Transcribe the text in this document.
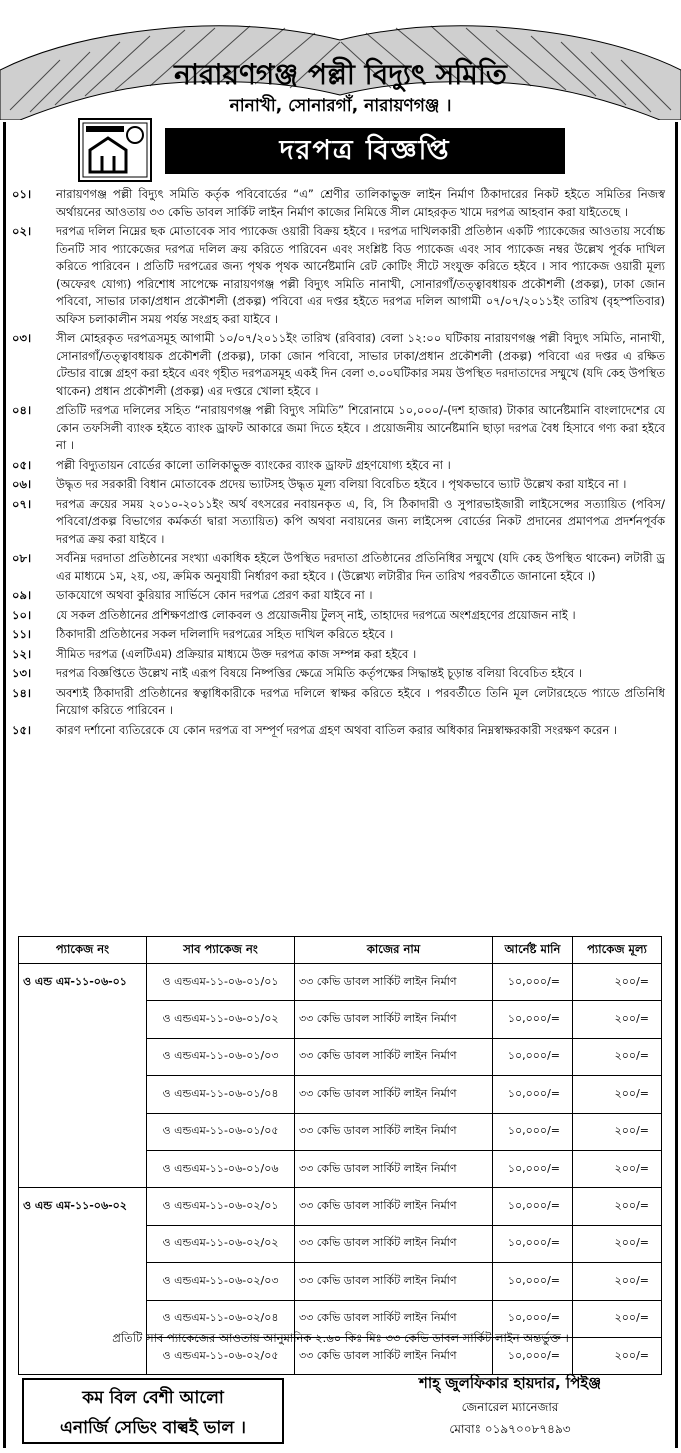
নারায়ণগঞ্জ পল্লী বিদ্যুৎ সমিতি
নানাখী, সোনারগাঁ, নারায়ণগঞ্জ ।
দরপত্র বিজ্ঞপ্তি
০১।	নারায়ণগঞ্জ পল্লী বিদ্যুৎ সমিতি কর্তৃক পবিবোর্ডের “এ” শ্রেণীর তালিকাভুক্ত লাইন নির্মাণ ঠিকাদারের নিকট হইতে সমিতির নিজস্ব অর্থায়নের আওতায় ৩৩ কেভি ডাবল সার্কিট লাইন নির্মাণ কাজের নিমিত্তে সীল মোহরকৃত খামে দরপত্র আহবান করা যাইতেছে ।
০২।	দরপত্র দলিল নিম্নের ছক মোতাবেক সাব প্যাকেজ ওয়ারী বিক্রয় হইবে । দরপত্র দাখিলকারী প্রতিষ্ঠান একটি প্যাকেজের আওতায় সর্বোচ্চ তিনটি সাব প্যাকেজের দরপত্র দলিল ক্রয় করিতে পারিবেন এবং সংশ্লিষ্ট বিড প্যাকেজ এবং সাব প্যাকেজ নম্বর উল্লেখ পূর্বক দাখিল করিতে পারিবেন । প্রতিটি দরপত্রের জন্য পৃথক পৃথক আর্নেষ্টমানি রেট কোটিং সীটে সংযুক্ত করিতে হইবে । সাব প্যাকেজ ওয়ারী মূল্য (অফেরৎ যোগ্য) পরিশোধ সাপেক্ষে নারায়ণগঞ্জ পল্লী বিদ্যুৎ সমিতি নানাখী, সোনারগাঁ/তত্ত্বাবধায়ক প্রকৌশলী (প্রকল্প), ঢাকা জোন পবিবো, সাভার ঢাকা/প্রধান প্রকৌশলী (প্রকল্প) পবিবো এর দপ্তর হইতে দরপত্র দলিল আগামী ০৭/০৭/২০১১ইং তারিখ (বৃহস্পতিবার) অফিস চলাকালীন সময় পর্যন্ত সংগ্রহ করা যাইবে ।
০৩।	সীল মোহরকৃত দরপত্রসমূহ আগামী ১০/০৭/২০১১ইং তারিখ (রবিবার) বেলা ১২:০০ ঘটিকায় নারায়ণগঞ্জ পল্লী বিদ্যুৎ সমিতি, নানাখী, সোনারগাঁ/তত্ত্বাবধায়ক প্রকৌশলী (প্রকল্প), ঢাকা জোন পবিবো, সাভার ঢাকা/প্রধান প্রকৌশলী (প্রকল্প) পবিবো এর দপ্তর এ রক্ষিত টেন্ডার বাক্সে গ্রহণ করা হইবে এবং গৃহীত দরপত্রসমূহ একই দিন বেলা ৩.০০ঘটিকার সময় উপস্থিত দরদাতাদের সম্মুখে (যদি কেহ উপস্থিত থাকেন) প্রধান প্রকৌশলী (প্রকল্প) এর দপ্তরে খোলা হইবে ।
০৪।	প্রতিটি দরপত্র দলিলের সহিত “নারায়ণগঞ্জ পল্লী বিদ্যুৎ সমিতি” শিরোনামে ১০,০০০/-(দশ হাজার) টাকার আর্নেষ্টমানি বাংলাদেশের যে কোন তফসিলী ব্যাংক হইতে ব্যাংক ড্রাফট আকারে জমা দিতে হইবে । প্রয়োজনীয় আর্নেষ্টমানি ছাড়া দরপত্র বৈধ হিসাবে গণ্য করা হইবে না ।
০৫।	পল্লী বিদ্যুতায়ন বোর্ডের কালো তালিকাভুক্ত ব্যাংকের ব্যাংক ড্রাফট গ্রহণযোগ্য হইবে না ।
০৬।	উদ্ধৃত দর সরকারী বিধান মোতাবেক প্রদেয় ভ্যাটসহ উদ্ধৃত মূল্য বলিয়া বিবেচিত হইবে । পৃথকভাবে ভ্যাট উল্লেখ করা যাইবে না ।
০৭।	দরপত্র ক্রয়ের সময় ২০১০-২০১১ইং অর্থ বৎসরের নবায়নকৃত এ, বি, সি ঠিকাদারী ও সুপারভাইজারী লাইসেন্সের সত্যায়িত (পবিস/পবিবো/প্রকল্প বিভাগের কর্মকর্তা দ্বারা সত্যায়িত) কপি অথবা নবায়নের জন্য লাইসেন্স বোর্ডের নিকট প্রদানের প্রমাণপত্র প্রদর্শনপূর্বক দরপত্র ক্রয় করা যাইবে ।
০৮।	সর্বনিম্ন দরদাতা প্রতিষ্ঠানের সংখ্যা একাধিক হইলে উপস্থিত দরদাতা প্রতিষ্ঠানের প্রতিনিধির সম্মুখে (যদি কেহ উপস্থিত থাকেন) লটারী ড্র এর মাধ্যমে ১ম, ২য়, ৩য়, ক্রমিক অনুযায়ী নির্ধারণ করা হইবে । (উল্লেখ্য লটারীর দিন তারিখ পরবর্তীতে জানানো হইবে ।)
০৯।	ডাকযোগে অথবা কুরিয়ার সার্ভিসে কোন দরপত্র প্রেরণ করা যাইবে না ।
১০।	যে সকল প্রতিষ্ঠানের প্রশিক্ষণপ্রাপ্ত লোকবল ও প্রয়োজনীয় টুলস্ নাই, তাহাদের দরপত্রে অংশগ্রহণের প্রয়োজন নাই ।
১১।	ঠিকাদারী প্রতিষ্ঠানের সকল দলিলাদি দরপত্রের সহিত দাখিল করিতে হইবে ।
১২।	সীমিত দরপত্র (এলটিএম) প্রক্রিয়ার মাধ্যমে উক্ত দরপত্র কাজ সম্পন্ন করা হইবে ।
১৩।	দরপত্র বিজ্ঞপ্তিতে উল্লেখ নাই এরূপ বিষয়ে নিষ্পত্তির ক্ষেত্রে সমিতি কর্তৃপক্ষের সিদ্ধান্তই চূড়ান্ত বলিয়া বিবেচিত হইবে ।
১৪।	অবশ্যই ঠিকাদারী প্রতিষ্ঠানের স্বত্বাধিকারীকে দরপত্র দলিলে স্বাক্ষর করিতে হইবে । পরবর্তীতে তিনি মূল লেটারহেডে প্যাডে প্রতিনিধি নিয়োগ করিতে পারিবেন ।
১৫।	কারণ দর্শানো ব্যতিরেকে যে কোন দরপত্র বা সম্পূর্ণ দরপত্র গ্রহণ অথবা বাতিল করার অধিকার নিম্নস্বাক্ষরকারী সংরক্ষণ করেন ।
প্যাকেজ নং	সাব প্যাকেজ নং	কাজের নাম	আর্নেষ্ট মানি	প্যাকেজ মূল্য
ও এন্ড এম-১১-০৬-০১	ও এন্ডএম-১১-০৬-০১/০১	৩৩ কেভি ডাবল সার্কিট লাইন নির্মাণ	১০,০০০/=	২০০/=
	ও এন্ডএম-১১-০৬-০১/০২	৩৩ কেভি ডাবল সার্কিট লাইন নির্মাণ	১০,০০০/=	২০০/=
	ও এন্ডএম-১১-০৬-০১/০৩	৩৩ কেভি ডাবল সার্কিট লাইন নির্মাণ	১০,০০০/=	২০০/=
	ও এন্ডএম-১১-০৬-০১/০৪	৩৩ কেভি ডাবল সার্কিট লাইন নির্মাণ	১০,০০০/=	২০০/=
	ও এন্ডএম-১১-০৬-০১/০৫	৩৩ কেভি ডাবল সার্কিট লাইন নির্মাণ	১০,০০০/=	২০০/=
	ও এন্ডএম-১১-০৬-০১/০৬	৩৩ কেভি ডাবল সার্কিট লাইন নির্মাণ	১০,০০০/=	২০০/=
ও এন্ড এম-১১-০৬-০২	ও এন্ডএম-১১-০৬-০২/০১	৩৩ কেভি ডাবল সার্কিট লাইন নির্মাণ	১০,০০০/=	২০০/=
	ও এন্ডএম-১১-০৬-০২/০২	৩৩ কেভি ডাবল সার্কিট লাইন নির্মাণ	১০,০০০/=	২০০/=
	ও এন্ডএম-১১-০৬-০২/০৩	৩৩ কেভি ডাবল সার্কিট লাইন নির্মাণ	১০,০০০/=	২০০/=
	ও এন্ডএম-১১-০৬-০২/০৪	৩৩ কেভি ডাবল সার্কিট লাইন নির্মাণ	১০,০০০/=	২০০/=
	ও এন্ডএম-১১-০৬-০২/০৫	৩৩ কেভি ডাবল সার্কিট লাইন নির্মাণ	১০,০০০/=	২০০/=
প্রতিটি সাব প্যাকেজের আওতায় আনুমানিক ২.৬০ কিঃ মিঃ ৩৩ কেভি ডাবল সার্কিট লাইন অন্তর্ভুক্ত ।
কম বিল বেশী আলো
এনার্জি সেভিং বাল্বই ভাল ।
শাহ্ জুলফিকার হায়দার, পিইঞ্জ
জেনারেল ম্যানেজার
মোবাঃ ০১৯৭০০৮৭৪৯৩
